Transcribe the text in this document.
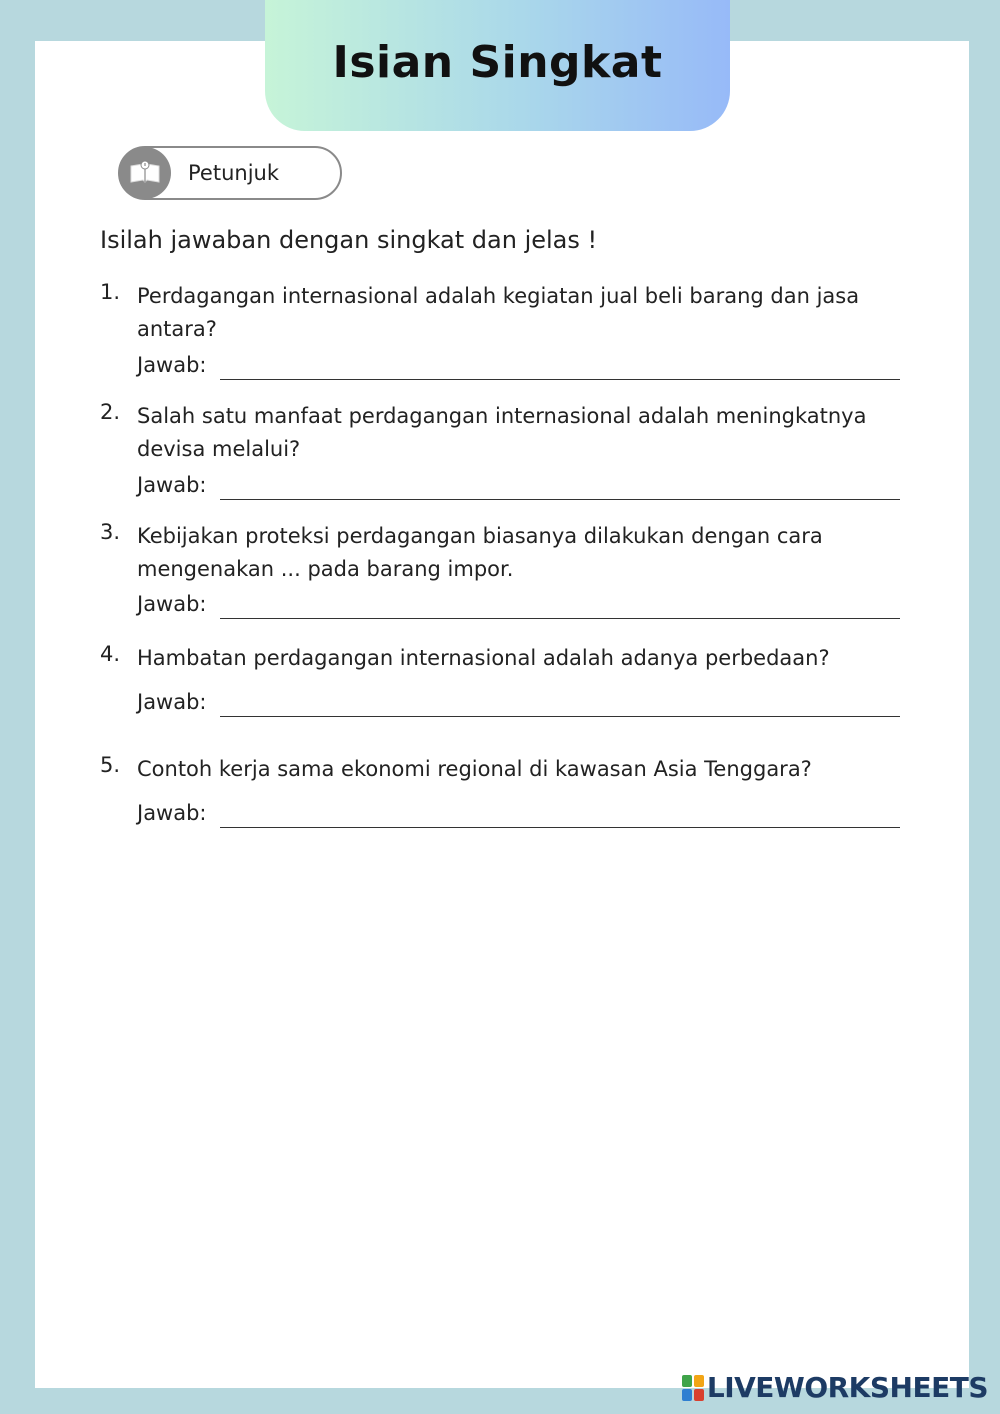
Isian Singkat
Petunjuk
Isilah jawaban dengan singkat dan jelas !
1. Perdagangan internasional adalah kegiatan jual beli barang dan jasa
antara?
Jawab:
2. Salah satu manfaat perdagangan internasional adalah meningkatnya
devisa melalui?
Jawab:
3. Kebijakan proteksi perdagangan biasanya dilakukan dengan cara
mengenakan ... pada barang impor.
Jawab:
4. Hambatan perdagangan internasional adalah adanya perbedaan?
Jawab:
5. Contoh kerja sama ekonomi regional di kawasan Asia Tenggara?
Jawab:
LIVEWORKSHEETS
